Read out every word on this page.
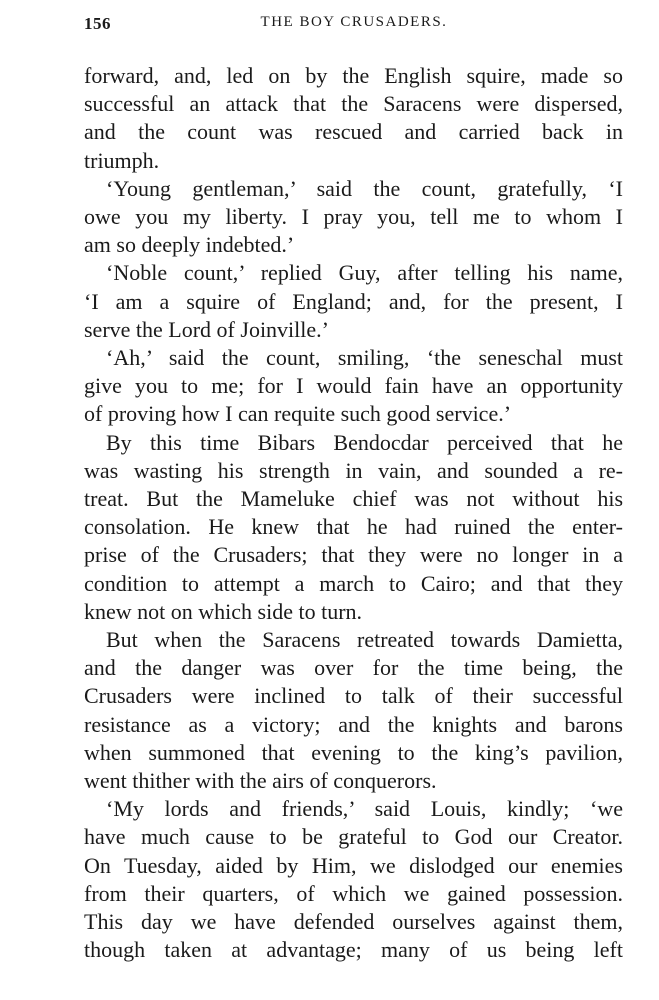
156	THE BOY CRUSADERS.
forward, and, led on by the English squire, made so
successful an attack that the Saracens were dispersed,
and the count was rescued and carried back in
triumph.
‘Young gentleman,’ said the count, gratefully, ‘I
owe you my liberty. I pray you, tell me to whom I
am so deeply indebted.’
‘Noble count,’ replied Guy, after telling his name,
‘I am a squire of England; and, for the present, I
serve the Lord of Joinville.’
‘Ah,’ said the count, smiling, ‘the seneschal must
give you to me; for I would fain have an opportunity
of proving how I can requite such good service.’
By this time Bibars Bendocdar perceived that he
was wasting his strength in vain, and sounded a re-
treat. But the Mameluke chief was not without his
consolation. He knew that he had ruined the enter-
prise of the Crusaders; that they were no longer in a
condition to attempt a march to Cairo; and that they
knew not on which side to turn.
But when the Saracens retreated towards Damietta,
and the danger was over for the time being, the
Crusaders were inclined to talk of their successful
resistance as a victory; and the knights and barons
when summoned that evening to the king’s pavilion,
went thither with the airs of conquerors.
‘My lords and friends,’ said Louis, kindly; ‘we
have much cause to be grateful to God our Creator.
On Tuesday, aided by Him, we dislodged our enemies
from their quarters, of which we gained possession.
This day we have defended ourselves against them,
though taken at advantage; many of us being left
